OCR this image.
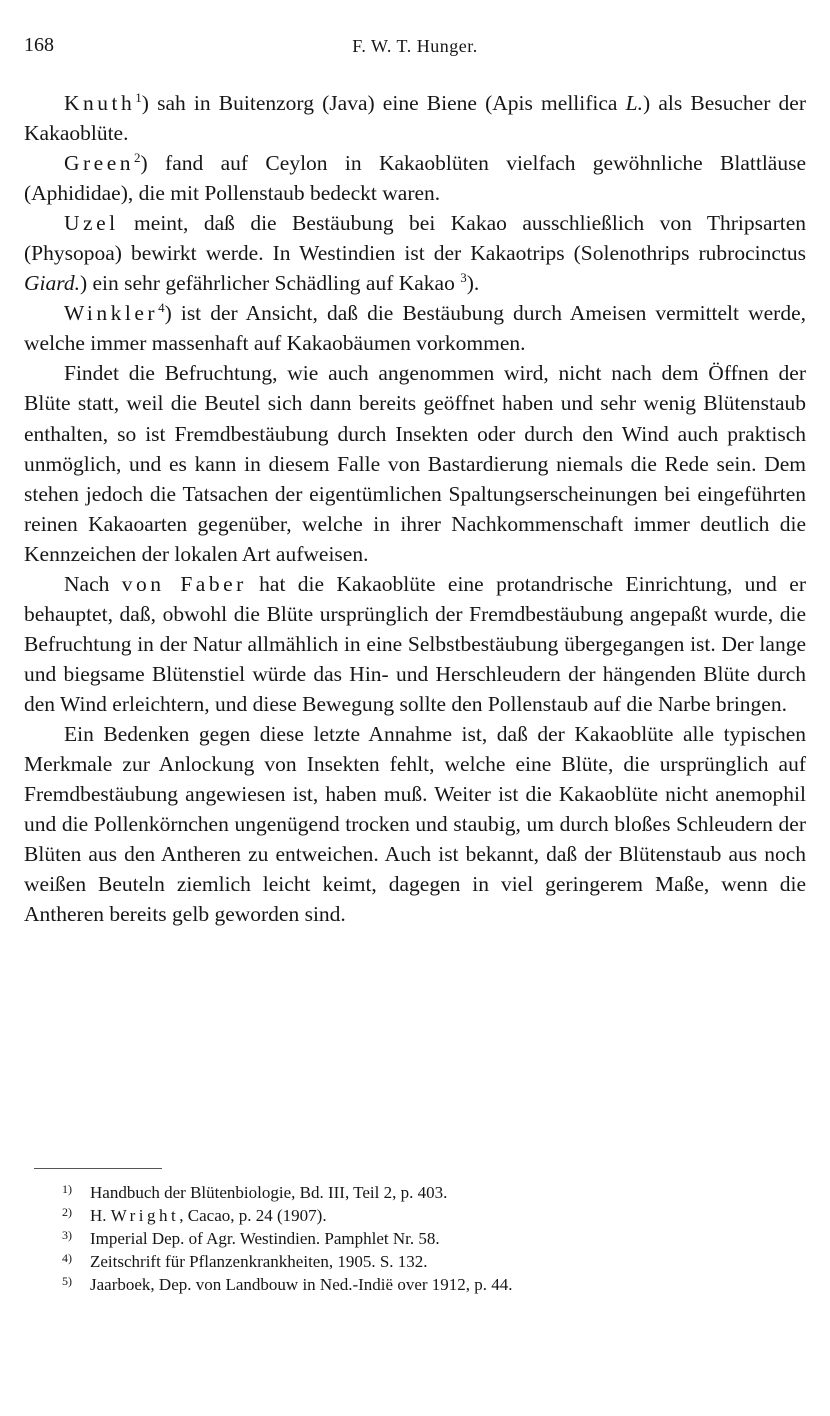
168	F. W. T. Hunger.

Knuth$^1$) sah in Buitenzorg (Java) eine Biene (Apis mellifica L.) als Besucher der Kakaoblüte.

Green$^2$) fand auf Ceylon in Kakaoblüten vielfach gewöhnliche Blattläuse (Aphididae), die mit Pollenstaub bedeckt waren.

Uzel meint, daß die Bestäubung bei Kakao ausschließlich von Thripsarten (Physopoa) bewirkt werde. In Westindien ist der Kakaotrips (Solenothrips rubrocinctus Giard.) ein sehr gefährlicher Schädling auf Kakao $^3$).

Winkler$^4$) ist der Ansicht, daß die Bestäubung durch Ameisen vermittelt werde, welche immer massenhaft auf Kakaobäumen vorkommen.

Findet die Befruchtung, wie auch angenommen wird, nicht nach dem Öffnen der Blüte statt, weil die Beutel sich dann bereits geöffnet haben und sehr wenig Blütenstaub enthalten, so ist Fremdbestäubung durch Insekten oder durch den Wind auch praktisch unmöglich, und es kann in diesem Falle von Bastardierung niemals die Rede sein. Dem stehen jedoch die Tatsachen der eigentümlichen Spaltungserscheinungen bei eingeführten reinen Kakaoarten gegenüber, welche in ihrer Nachkommenschaft immer deutlich die Kennzeichen der lokalen Art aufweisen.

Nach von Faber hat die Kakaoblüte eine protandrische Einrichtung, und er behauptet, daß, obwohl die Blüte ursprünglich der Fremdbestäubung angepaßt wurde, die Befruchtung in der Natur allmählich in eine Selbstbestäubung übergegangen ist. Der lange und biegsame Blütenstiel würde das Hin- und Herschleudern der hängenden Blüte durch den Wind erleichtern, und diese Bewegung sollte den Pollenstaub auf die Narbe bringen.

Ein Bedenken gegen diese letzte Annahme ist, daß der Kakaoblüte alle typischen Merkmale zur Anlockung von Insekten fehlt, welche eine Blüte, die ursprünglich auf Fremdbestäubung angewiesen ist, haben muß. Weiter ist die Kakaoblüte nicht anemophil und die Pollenkörnchen ungenügend trocken und staubig, um durch bloßes Schleudern der Blüten aus den Antheren zu entweichen. Auch ist bekannt, daß der Blütenstaub aus noch weißen Beuteln ziemlich leicht keimt, dagegen in viel geringerem Maße, wenn die Antheren bereits gelb geworden sind.

1) Handbuch der Blütenbiologie, Bd. III, Teil 2, p. 403.

2) H. Wright, Cacao, p. 24 (1907).

3) Imperial Dep. of Agr. Westindien. Pamphlet Nr. 58.

4) Zeitschrift für Pflanzenkrankheiten, 1905. S. 132.

5) Jaarboek, Dep. von Landbouw in Ned.-Indië over 1912, p. 44.
